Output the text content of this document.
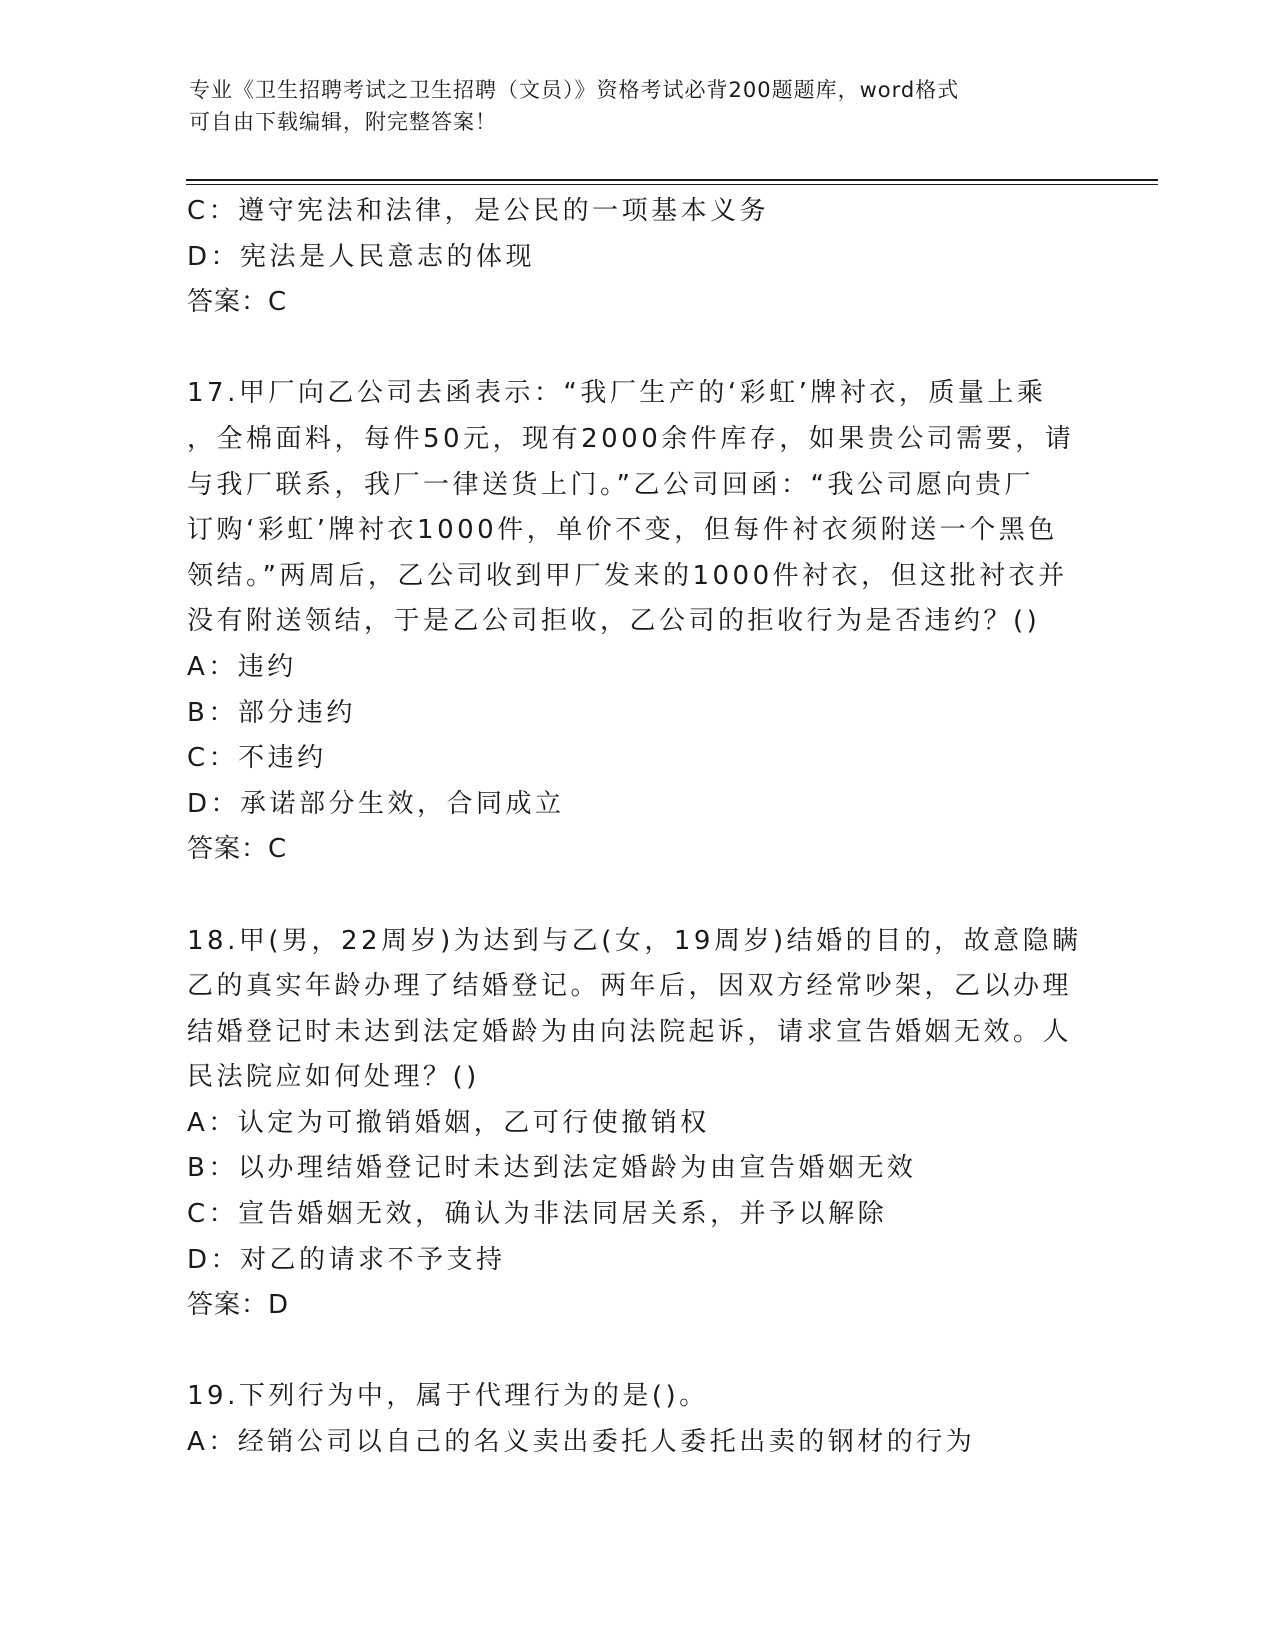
专业《卫生招聘考试之卫生招聘（文员）》资格考试必背200题题库，word格式
可自由下载编辑，附完整答案！
C：遵守宪法和法律，是公民的一项基本义务
D：宪法是人民意志的体现
答案：C
17.甲厂向乙公司去函表示：“我厂生产的‘彩虹’牌衬衣，质量上乘
，全棉面料，每件50元，现有2000余件库存，如果贵公司需要，请
与我厂联系，我厂一律送货上门。”乙公司回函：“我公司愿向贵厂
订购‘彩虹’牌衬衣1000件，单价不变，但每件衬衣须附送一个黑色
领结。”两周后，乙公司收到甲厂发来的1000件衬衣，但这批衬衣并
没有附送领结，于是乙公司拒收，乙公司的拒收行为是否违约？()
A：违约
B：部分违约
C：不违约
D：承诺部分生效，合同成立
答案：C
18.甲(男，22周岁)为达到与乙(女，19周岁)结婚的目的，故意隐瞒
乙的真实年龄办理了结婚登记。两年后，因双方经常吵架，乙以办理
结婚登记时未达到法定婚龄为由向法院起诉，请求宣告婚姻无效。人
民法院应如何处理？()
A：认定为可撤销婚姻，乙可行使撤销权
B：以办理结婚登记时未达到法定婚龄为由宣告婚姻无效
C：宣告婚姻无效，确认为非法同居关系，并予以解除
D：对乙的请求不予支持
答案：D
19.下列行为中，属于代理行为的是()。
A：经销公司以自己的名义卖出委托人委托出卖的钢材的行为
